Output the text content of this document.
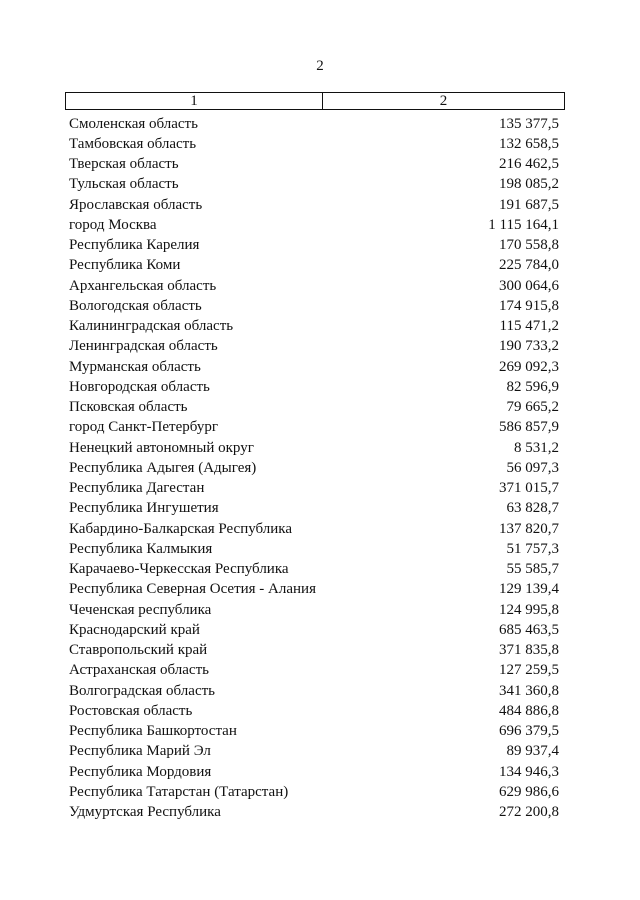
2
1	2
Смоленская область	135 377,5
Тамбовская область	132 658,5
Тверская область	216 462,5
Тульская область	198 085,2
Ярославская область	191 687,5
город Москва	1 115 164,1
Республика Карелия	170 558,8
Республика Коми	225 784,0
Архангельская область	300 064,6
Вологодская область	174 915,8
Калининградская область	115 471,2
Ленинградская область	190 733,2
Мурманская область	269 092,3
Новгородская область	82 596,9
Псковская область	79 665,2
город Санкт-Петербург	586 857,9
Ненецкий автономный округ	8 531,2
Республика Адыгея (Адыгея)	56 097,3
Республика Дагестан	371 015,7
Республика Ингушетия	63 828,7
Кабардино-Балкарская Республика	137 820,7
Республика Калмыкия	51 757,3
Карачаево-Черкесская Республика	55 585,7
Республика Северная Осетия - Алания	129 139,4
Чеченская республика	124 995,8
Краснодарский край	685 463,5
Ставропольский край	371 835,8
Астраханская область	127 259,5
Волгоградская область	341 360,8
Ростовская область	484 886,8
Республика Башкортостан	696 379,5
Республика Марий Эл	89 937,4
Республика Мордовия	134 946,3
Республика Татарстан (Татарстан)	629 986,6
Удмуртская Республика	272 200,8
